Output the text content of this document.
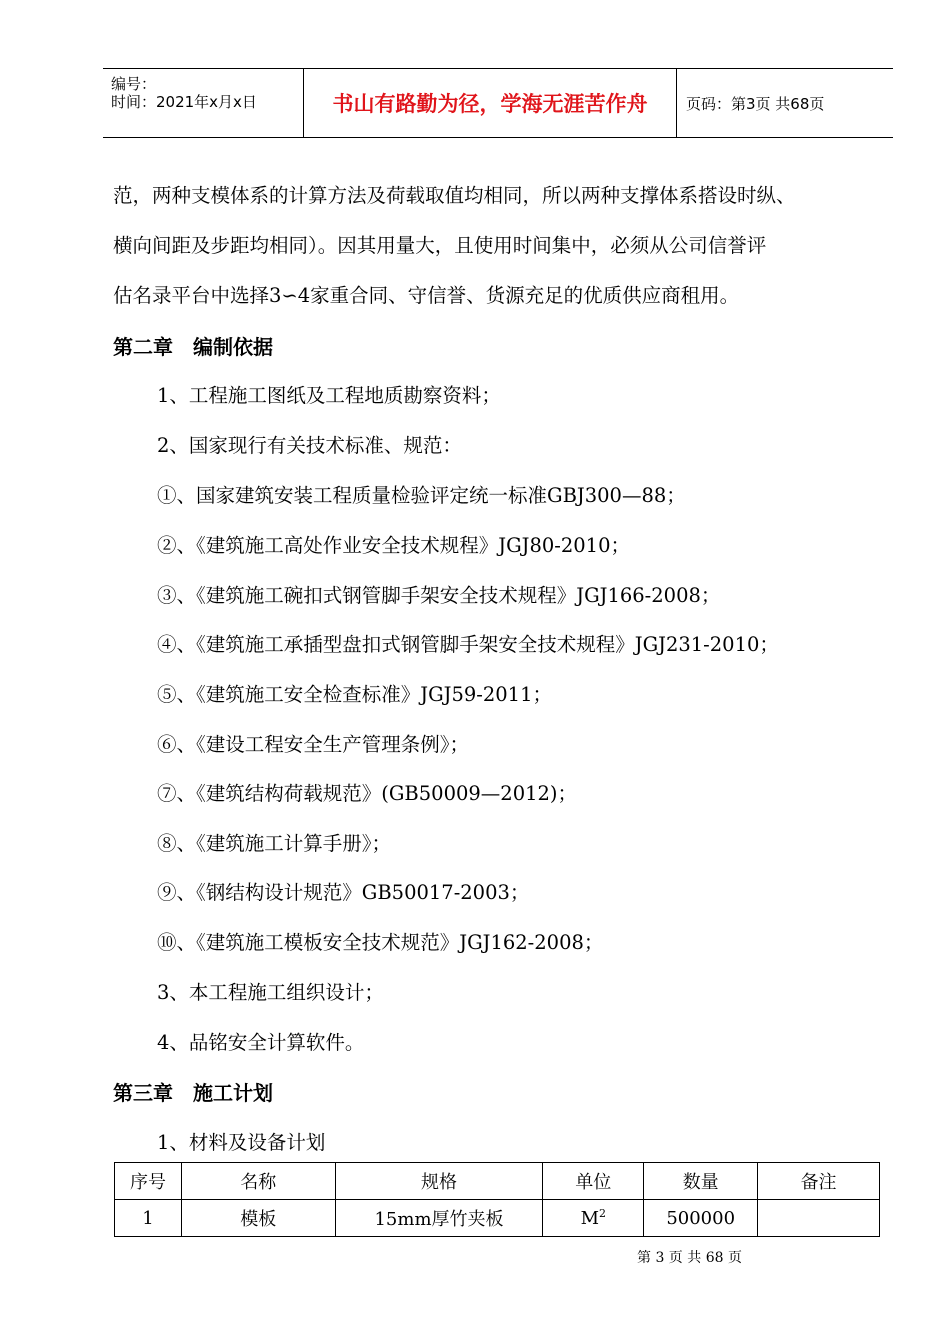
编号：
时间：2021年x月x日	书山有路勤为径，学海无涯苦作舟	页码：第3页 共68页
范，两种支模体系的计算方法及荷载取值均相同，所以两种支撑体系搭设时纵、
横向间距及步距均相同）。因其用量大，且使用时间集中，必须从公司信誉评
估名录平台中选择3∽4家重合同、守信誉、货源充足的优质供应商租用。
第二章　编制依据
1、工程施工图纸及工程地质勘察资料；
2、国家现行有关技术标准、规范：
①、国家建筑安装工程质量检验评定统一标准GBJ300—88；
②、《建筑施工高处作业安全技术规程》JGJ80-2010；
③、《建筑施工碗扣式钢管脚手架安全技术规程》JGJ166-2008；
④、《建筑施工承插型盘扣式钢管脚手架安全技术规程》JGJ231-2010；
⑤、《建筑施工安全检查标准》JGJ59-2011；
⑥、《建设工程安全生产管理条例》；
⑦、《建筑结构荷载规范》(GB50009—2012)；
⑧、《建筑施工计算手册》；
⑨、《钢结构设计规范》GB50017-2003；
⑩、《建筑施工模板安全技术规范》JGJ162-2008；
3、本工程施工组织设计；
4、品铭安全计算软件。
第三章　施工计划
1、材料及设备计划
序号	名称	规格	单位	数量	备注
1	模板	15mm厚竹夹板	$M^2$	500000	
第 3 页 共 68 页
